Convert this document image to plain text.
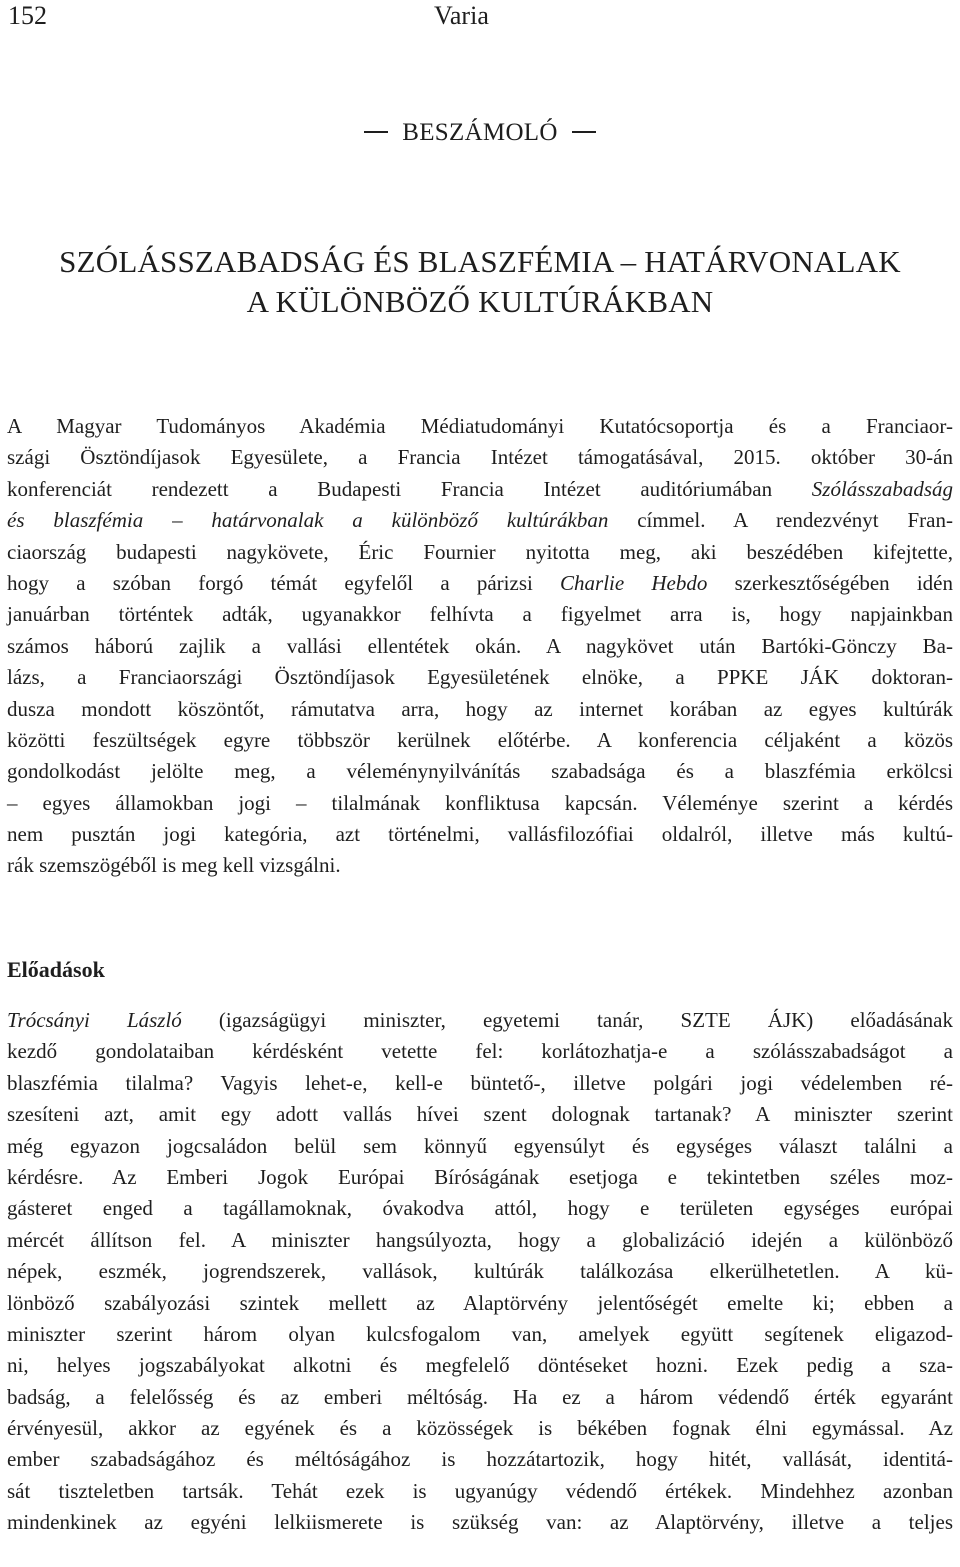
152	Varia
BESZÁMOLÓ
SZÓLÁSSZABADSÁG ÉS BLASZFÉMIA – HATÁRVONALAK
A KÜLÖNBÖZŐ KULTÚRÁKBAN
A Magyar Tudományos Akadémia Médiatudományi Kutatócsoportja és a Franciaor-
szági Ösztöndíjasok Egyesülete, a Francia Intézet támogatásával, 2015. október 30-án
konferenciát rendezett a Budapesti Francia Intézet auditóriumában Szólásszabadság
és blaszfémia – határvonalak a különböző kultúrákban címmel. A rendezvényt Fran-
ciaország budapesti nagykövete, Éric Fournier nyitotta meg, aki beszédében kifejtette,
hogy a szóban forgó témát egyfelől a párizsi Charlie Hebdo szerkesztőségében idén
januárban történtek adták, ugyanakkor felhívta a figyelmet arra is, hogy napjainkban
számos háború zajlik a vallási ellentétek okán. A nagykövet után Bartóki-Gönczy Ba-
lázs, a Franciaországi Ösztöndíjasok Egyesületének elnöke, a PPKE JÁK doktoran-
dusza mondott köszöntőt, rámutatva arra, hogy az internet korában az egyes kultúrák
közötti feszültségek egyre többször kerülnek előtérbe. A konferencia céljaként a közös
gondolkodást jelölte meg, a véleménynyilvánítás szabadsága és a blaszfémia erkölcsi
– egyes államokban jogi – tilalmának konfliktusa kapcsán. Véleménye szerint a kérdés
nem pusztán jogi kategória, azt történelmi, vallásfilozófiai oldalról, illetve más kultú-
rák szemszögéből is meg kell vizsgálni.
Előadások
Trócsányi László (igazságügyi miniszter, egyetemi tanár, SZTE ÁJK) előadásának
kezdő gondolataiban kérdésként vetette fel: korlátozhatja-e a szólásszabadságot a
blaszfémia tilalma? Vagyis lehet-e, kell-e büntető-, illetve polgári jogi védelemben ré-
szesíteni azt, amit egy adott vallás hívei szent dolognak tartanak? A miniszter szerint
még egyazon jogcsaládon belül sem könnyű egyensúlyt és egységes választ találni a
kérdésre. Az Emberi Jogok Európai Bíróságának esetjoga e tekintetben széles moz-
gásteret enged a tagállamoknak, óvakodva attól, hogy e területen egységes európai
mércét állítson fel. A miniszter hangsúlyozta, hogy a globalizáció idején a különböző
népek, eszmék, jogrendszerek, vallások, kultúrák találkozása elkerülhetetlen. A kü-
lönböző szabályozási szintek mellett az Alaptörvény jelentőségét emelte ki; ebben a
miniszter szerint három olyan kulcsfogalom van, amelyek együtt segítenek eligazod-
ni, helyes jogszabályokat alkotni és megfelelő döntéseket hozni. Ezek pedig a sza-
badság, a felelősség és az emberi méltóság. Ha ez a három védendő érték egyaránt
érvényesül, akkor az egyének és a közösségek is békében fognak élni egymással. Az
ember szabadságához és méltóságához is hozzátartozik, hogy hitét, vallását, identitá-
sát tiszteletben tartsák. Tehát ezek is ugyanúgy védendő értékek. Mindehhez azonban
mindenkinek az egyéni lelkiismerete is szükség van: az Alaptörvény, illetve a teljes
